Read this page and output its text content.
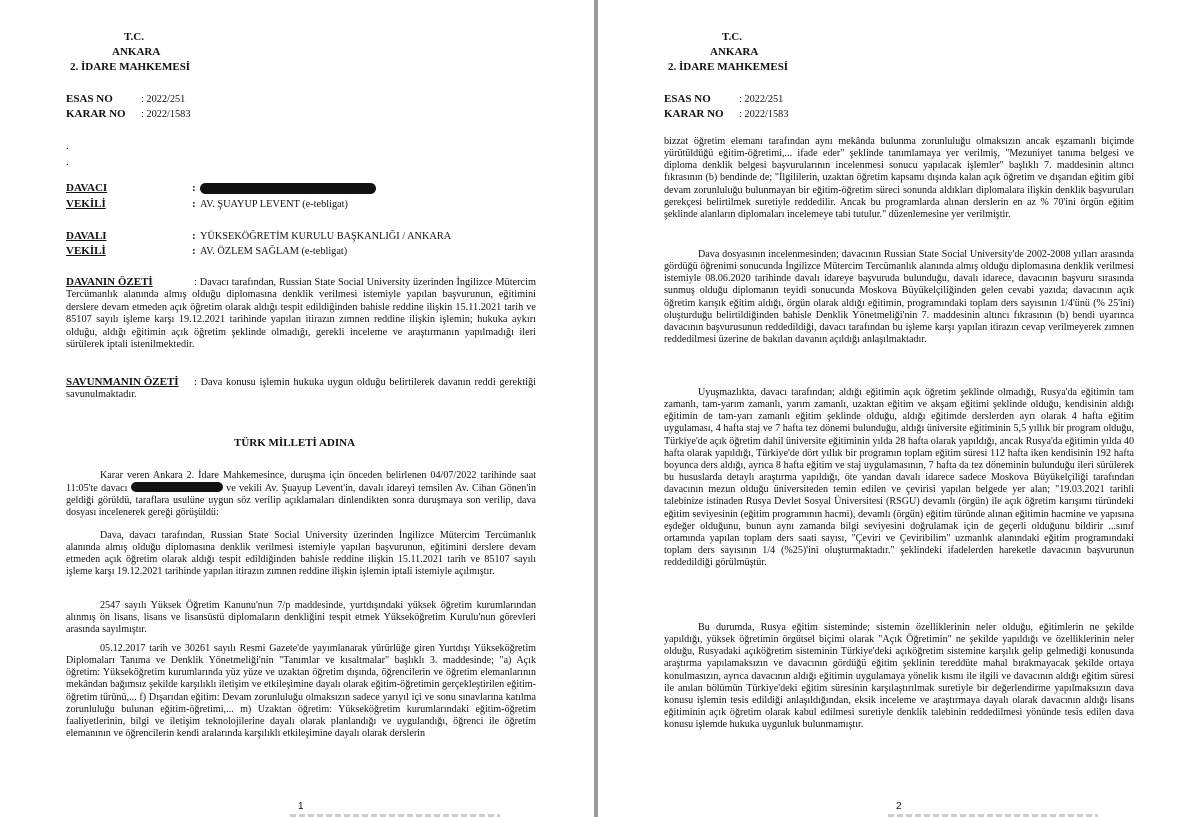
T.C.
ANKARA
2. İDARE MAHKEMESİ
ESAS NO	: 2022/251
KARAR NO : 2022/1583
.
.
DAVACI	:
VEKİLİ	: AV. ŞUAYUP LEVENT (e-tebligat)
DAVALI	: YÜKSEKÖĞRETİM KURULU BAŞKANLIĞI / ANKARA
VEKİLİ	: AV. ÖZLEM SAĞLAM (e-tebligat)
: Davacı tarafından, Russian State Social University üzerinden İngilizce Mütercim Tercümanlık alanında almış olduğu diplomasına denklik verilmesi istemiyle yapılan başvurunun, eğitimini derslere devam etmeden açık öğretim olarak aldığı tespit edildiğinden bahisle reddine ilişkin 15.11.2021 tarih ve 85107 sayılı işleme karşı 19.12.2021 tarihinde yapılan itirazın zımnen reddine ilişkin işlemin; hukuka aykırı olduğu, aldığı eğitimin açık öğretim şeklinde olmadığı, gerekli inceleme ve araştırmanın yapılmadığı ileri sürülerek iptali istenilmektedir.
DAVANIN ÖZETİ
: Dava konusu işlemin hukuka uygun olduğu belirtilerek davanın reddi gerektiği savunulmaktadır.
SAVUNMANIN ÖZETİ
TÜRK MİLLETİ ADINA
Karar veren Ankara 2. İdare Mahkemesince, duruşma için önceden belirlenen 04/07/2022 tarihinde saat 11:05'te davacı	ve vekili Av. Şuayup Levent'in, davalı idareyi temsilen Av. Cihan Gönen'in geldiği görüldü, taraflara usulüne uygun söz verilip açıklamaları dinlendikten sonra duruşmaya son verilip, dava dosyası incelenerek gereği görüşüldü:
Dava, davacı tarafından, Russian State Social University üzerinden İngilizce Mütercim Tercümanlık alanında almış olduğu diplomasına denklik verilmesi istemiyle yapılan başvurunun, eğitimini derslere devam etmeden açık öğretim olarak aldığı tespit edildiğinden bahisle reddine ilişkin 15.11.2021 tarih ve 85107 sayılı işleme karşı 19.12.2021 tarihinde yapılan itirazın zımnen reddine ilişkin işlemin iptali istemiyle açılmıştır.
2547 sayılı Yüksek Öğretim Kanunu'nun 7/p maddesinde, yurtdışındaki yüksek öğretim kurumlarından alınmış ön lisans, lisans ve lisansüstü diplomaların denkliğini tespit etmek Yükseköğretim Kurulu'nun görevleri arasında sayılmıştır.
05.12.2017 tarih ve 30261 sayılı Resmi Gazete'de yayımlanarak yürürlüğe giren Yurtdışı Yükseköğretim Diplomaları Tanıma ve Denklik Yönetmeliği'nin "Tanımlar ve kısaltmalar" başlıklı 3. maddesinde; "a) Açık öğretim: Yükseköğretim kurumlarında yüz yüze ve uzaktan öğretim dışında, öğrencilerin ve öğretim elemanlarının mekândan bağımsız şekilde karşılıklı iletişim ve etkileşimine dayalı olarak eğitim-öğretimin gerçekleştirilen eğitim-öğretim türünü,... f) Dışarıdan eğitim: Devam zorunluluğu olmaksızın sadece yarıyıl içi ve sonu sınavlarına katılma zorunluluğu bulunan eğitim-öğretimi,... m) Uzaktan öğretim: Yükseköğretim kurumlarındaki eğitim-öğretim faaliyetlerinin, bilgi ve iletişim teknolojilerine dayalı olarak planlandığı ve uygulandığı, öğrenci ile öğretim elemanının ve öğrencilerin kendi aralarında karşılıklı etkileşimine dayalı olarak derslerin
1
T.C.
ANKARA
2. İDARE MAHKEMESİ
ESAS NO	: 2022/251
KARAR NO : 2022/1583
bizzat öğretim elemanı tarafından aynı mekânda bulunma zorunluluğu olmaksızın ancak eşzamanlı biçimde yürütüldüğü eğitim-öğretimi,... ifade eder" şeklinde tanımlamaya yer verilmiş, "Mezuniyet tanıma belgesi ve diploma denklik belgesi başvurularının incelenmesi sonucu yapılacak işlemler" başlıklı 7. maddesinin altıncı fıkrasının (b) bendinde de; "İlgililerin, uzaktan öğretim kapsamı dışında kalan açık öğretim ve dışarıdan eğitim gibi devam zorunluluğu bulunmayan bir eğitim-öğretim süreci sonunda aldıkları diplomalara ilişkin denklik başvuruları gerekçesi belirtilmek suretiyle reddedilir. Ancak bu programlarda alınan derslerin en az % 70'ini örgün eğitim şeklinde alanların diplomaları incelemeye tabi tutulur." düzenlemesine yer verilmiştir.
Dava dosyasının incelenmesinden; davacının Russian State Social University'de 2002-2008 yılları arasında gördüğü öğrenimi sonucunda İngilizce Mütercim Tercümanlık alanında almış olduğu diplomasına denklik verilmesi istemiyle 08.06.2020 tarihinde davalı idareye başvuruda bulunduğu, davalı idarece, davacının başvuru sırasında sunmuş olduğu diplomanın teyidi sonucunda Moskova Büyükelçiliğinden gelen cevabi yazıda; davacının açık öğretim karışık eğitim aldığı, örgün olarak aldığı eğitimin, programındaki toplam ders sayısının 1/4'ünü (% 25'ini) oluşturduğu belirtildiğinden bahisle Denklik Yönetmeliği'nin 7. maddesinin altıncı fıkrasının (b) bendi uyarınca davacının başvurusunun reddedildiği, davacı tarafından bu işleme karşı yapılan itirazın cevap verilmeyerek zımnen reddedilmesi üzerine de bakılan davanın açıldığı anlaşılmaktadır.
Uyuşmazlıkta, davacı tarafından; aldığı eğitimin açık öğretim şeklinde olmadığı, Rusya'da eğitimin tam zamanlı, tam-yarım zamanlı, yarım zamanlı, uzaktan eğitim ve akşam eğitimi şeklinde olduğu, kendisinin aldığı eğitimin de tam-yarı zamanlı eğitim şeklinde olduğu, aldığı eğitimde derslerden ayrı olarak 4 hafta eğitim uygulaması, 4 hafta staj ve 7 hafta tez dönemi bulunduğu, aldığı üniversite eğitiminin 5,5 yıllık bir program olduğu, Türkiye'de açık öğretim dahil üniversite eğitiminin yılda 28 hafta olarak yapıldığı, ancak Rusya'da eğitimin yılda 40 hafta olarak yapıldığı, Türkiye'de dört yıllık bir programın toplam eğitim süresi 112 hafta iken kendisinin 192 hafta boyunca ders aldığı, ayrıca 8 hafta eğitim ve staj uygulamasının, 7 hafta da tez döneminin bulunduğu ileri sürülerek bu hususlarda detaylı araştırma yapıldığı, öte yandan davalı idarece sadece Moskova Büyükelçiliği tarafından davacının mezun olduğu üniversiteden temin edilen ve çevirisi yapılan belgede yer alan; "19.03.2021 tarihli talebinize istinaden Rusya Devlet Sosyal Üniversitesi (RSGU) devamlı (örgün) ile açık öğretim karışımı türündeki eğitim seviyesinin (eğitim programının hacmi), devamlı (örgün) eğitim türünde alınan eğitimin hacmine ve yapısına eşdeğer olduğunu, bunun aynı zamanda bilgi seviyesini doğrulamak için de geçerli olduğunu bildirir ...sınıf ortamında yapılan toplam ders saati sayısı, "Çeviri ve Çeviribilim" uzmanlık alanındaki eğitim programındaki toplam ders sayısının 1/4 (%25)'ini oluşturmaktadır." şeklindeki ifadelerden hareketle davacının başvurunun reddedildiği görülmüştür.
Bu durumda, Rusya eğitim sisteminde; sistemin özelliklerinin neler olduğu, eğitimlerin ne şekilde yapıldığı, yüksek öğretimin örgütsel biçimi olarak "Açık Öğretimin" ne şekilde yapıldığı ve özelliklerinin neler olduğu, Rusyadaki açıköğretim sisteminin Türkiye'deki açıköğretim sistemine karşılık gelip gelmediği konusunda araştırma yapılamaksızın ve davacının gördüğü eğitim şeklinin tereddüte mahal bırakmayacak şekilde ortaya konulmasızın, ayrıca davacının aldığı eğitimin uygulamaya yönelik kısmı ile ilgili ve davacının aldığı eğitim süresi ile anılan bölümün Türkiye'deki eğitim süresinin karşılaştırılmak suretiyle bir değerlendirme yapılmaksızın dava konusu işlemin tesis edildiği anlaşıldığından, eksik inceleme ve araştırmaya dayalı olarak davacının aldığı lisans eğitiminin açık öğretim olarak kabul edilmesi suretiyle denklik talebinin reddedilmesi yönünde tesis edilen dava konusu işlemde hukuka uygunluk bulunmamıştır.
2
